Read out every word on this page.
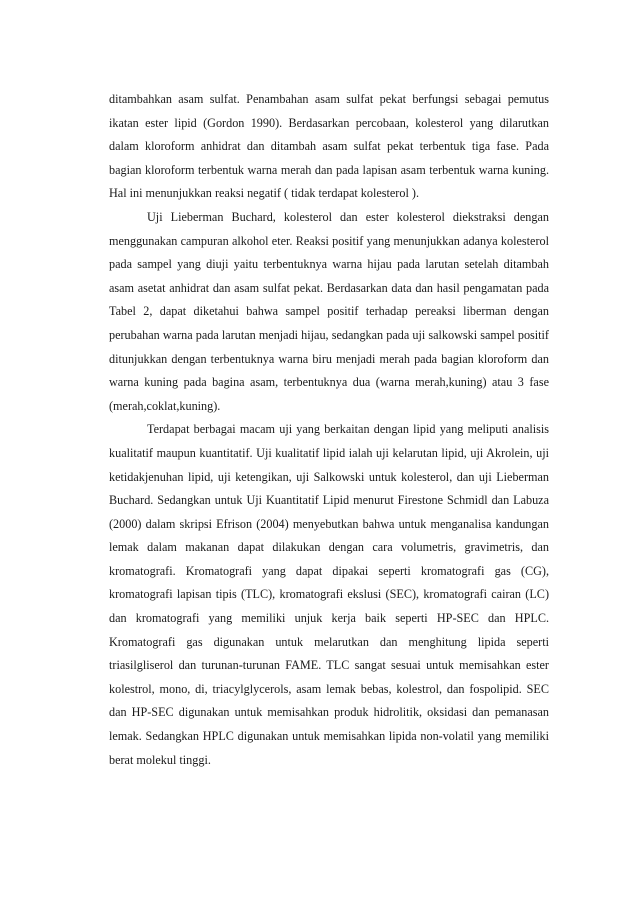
ditambahkan asam sulfat. Penambahan asam sulfat pekat berfungsi sebagai pemutus ikatan ester lipid (Gordon 1990). Berdasarkan percobaan, kolesterol yang dilarutkan dalam kloroform anhidrat dan ditambah asam sulfat pekat terbentuk tiga fase. Pada bagian kloroform terbentuk warna merah dan pada lapisan asam terbentuk warna kuning. Hal ini menunjukkan reaksi negatif ( tidak terdapat kolesterol ).

Uji Lieberman Buchard, kolesterol dan ester kolesterol diekstraksi dengan menggunakan campuran alkohol eter. Reaksi positif yang menunjukkan adanya kolesterol pada sampel yang diuji yaitu terbentuknya warna hijau pada larutan setelah ditambah asam asetat anhidrat dan asam sulfat pekat. Berdasarkan data dan hasil pengamatan pada Tabel 2, dapat diketahui bahwa sampel positif terhadap pereaksi liberman dengan perubahan warna pada larutan menjadi hijau, sedangkan pada uji salkowski sampel positif ditunjukkan dengan terbentuknya warna biru menjadi merah pada bagian kloroform dan warna kuning pada bagina asam, terbentuknya dua (warna merah,kuning) atau 3 fase (merah,coklat,kuning).

Terdapat berbagai macam uji yang berkaitan dengan lipid yang meliputi analisis kualitatif maupun kuantitatif. Uji kualitatif lipid ialah uji kelarutan lipid, uji Akrolein, uji ketidakjenuhan lipid, uji ketengikan, uji Salkowski untuk kolesterol, dan uji Lieberman Buchard. Sedangkan untuk Uji Kuantitatif Lipid menurut Firestone Schmidl dan Labuza (2000) dalam skripsi Efrison (2004) menyebutkan bahwa untuk menganalisa kandungan lemak dalam makanan dapat dilakukan dengan cara volumetris, gravimetris, dan kromatografi. Kromatografi yang dapat dipakai seperti kromatografi gas (CG), kromatografi lapisan tipis (TLC), kromatografi ekslusi (SEC), kromatografi cairan (LC) dan kromatografi yang memiliki unjuk kerja baik seperti HP-SEC dan HPLC. Kromatografi gas digunakan untuk melarutkan dan menghitung lipida seperti triasilgliserol dan turunan-turunan FAME. TLC sangat sesuai untuk memisahkan ester kolestrol, mono, di, triacylglycerols, asam lemak bebas, kolestrol, dan fospolipid. SEC dan HP-SEC digunakan untuk memisahkan produk hidrolitik, oksidasi dan pemanasan lemak. Sedangkan HPLC digunakan untuk memisahkan lipida non-volatil yang memiliki berat molekul tinggi.
